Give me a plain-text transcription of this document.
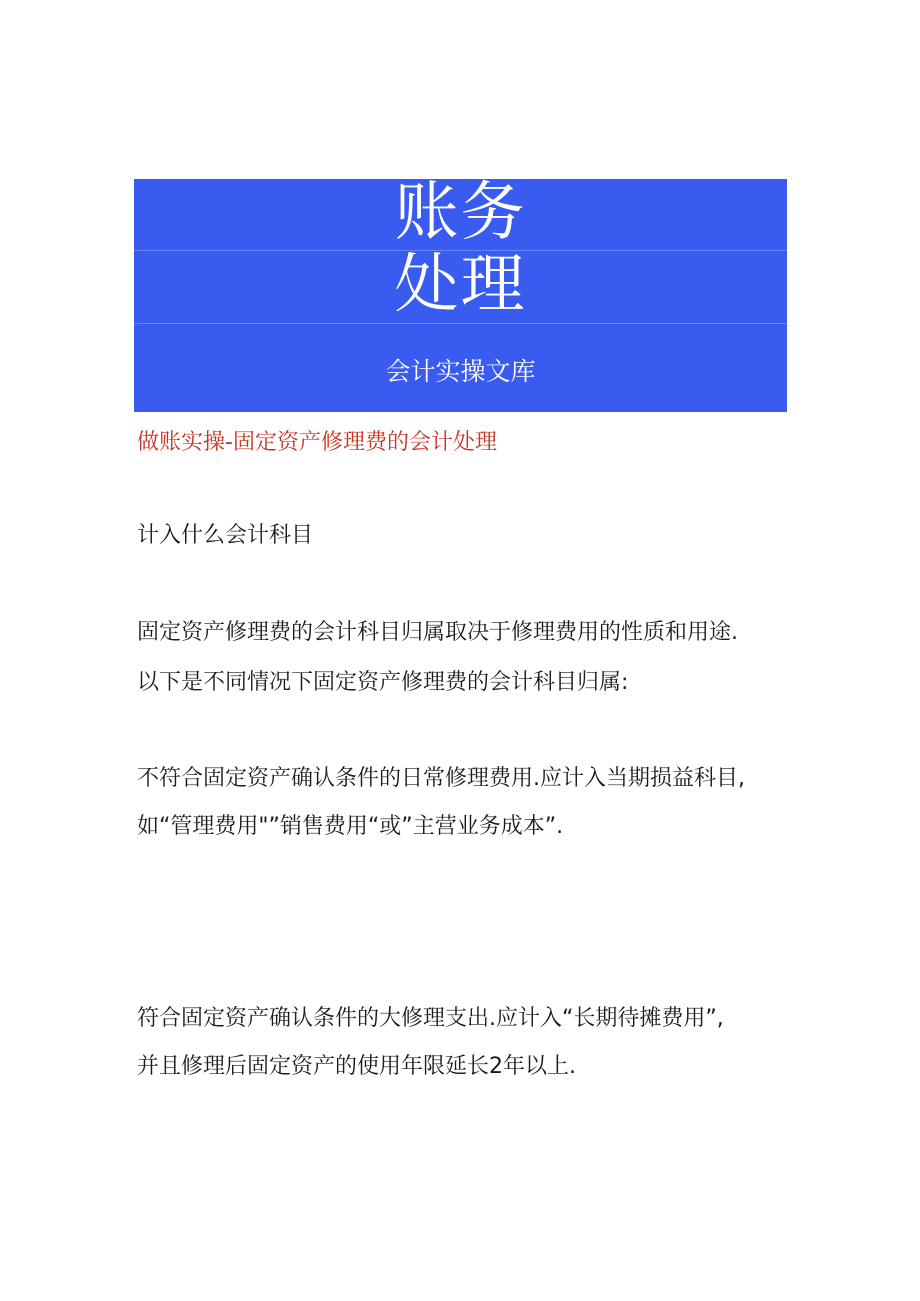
账务
处理
会计实操文库
做账实操-固定资产修理费的会计处理
计入什么会计科目
固定资产修理费的会计科目归属取决于修理费用的性质和用途.
以下是不同情况下固定资产修理费的会计科目归属:
不符合固定资产确认条件的日常修理费用.应计入当期损益科目,
如“管理费用"”销售费用“或”主营业务成本”.
符合固定资产确认条件的大修理支出.应计入“长期待摊费用”,
并且修理后固定资产的使用年限延长2年以上.
